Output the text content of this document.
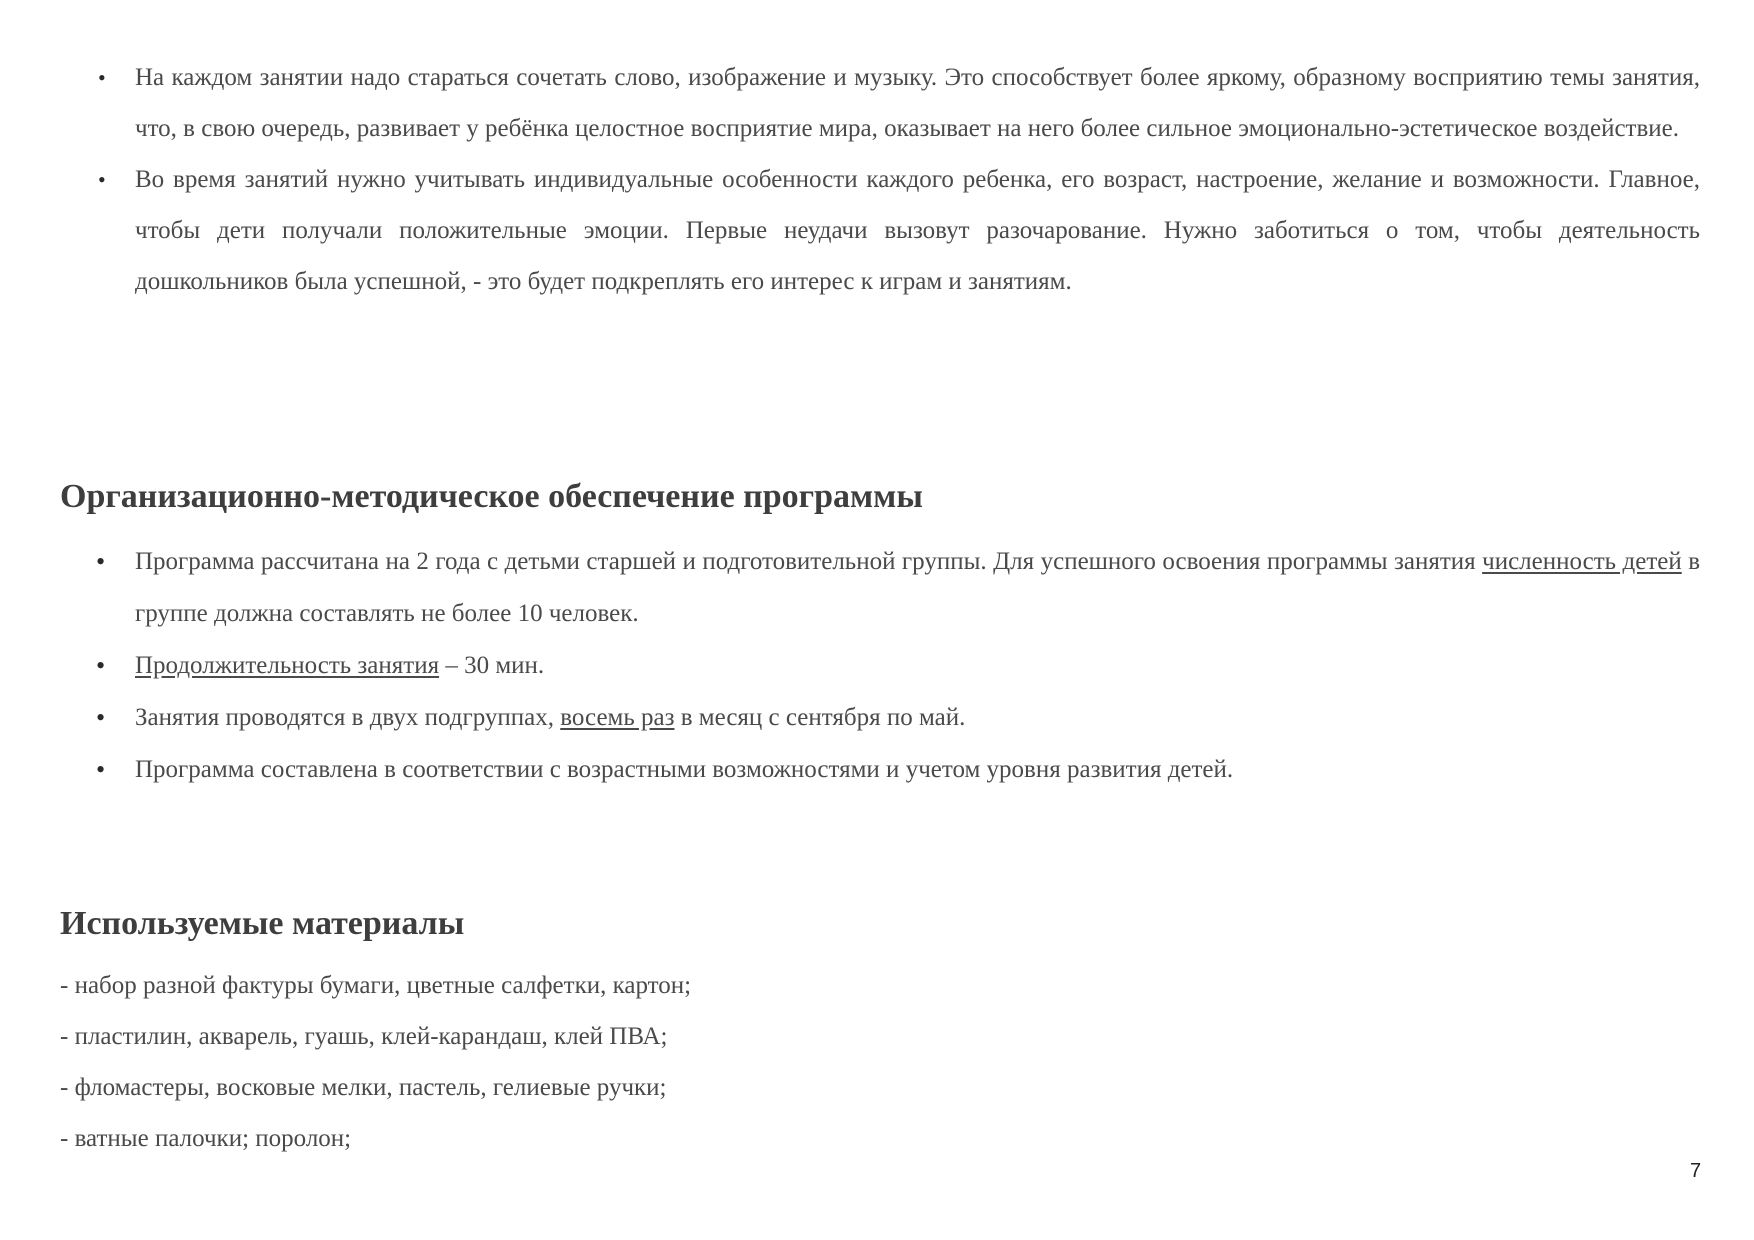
• На каждом занятии надо стараться сочетать слово, изображение и музыку. Это способствует более яркому, образному восприятию темы занятия, что, в свою очередь, развивает у ребёнка целостное восприятие мира, оказывает на него более сильное эмоционально-эстетическое воздействие.
• Во время занятий нужно учитывать индивидуальные особенности каждого ребенка, его возраст, настроение, желание и возможности. Главное, чтобы дети получали положительные эмоции. Первые неудачи вызовут разочарование. Нужно заботиться о том, чтобы деятельность дошкольников была успешной, - это будет подкреплять его интерес к играм и занятиям.
Организационно-методическое обеспечение программы
• Программа рассчитана на 2 года с детьми старшей и подготовительной группы. Для успешного освоения программы занятия численность детей в группе должна составлять не более 10 человек.
• Продолжительность занятия – 30 мин.
• Занятия проводятся в двух подгруппах, восемь раз в месяц с сентября по май.
• Программа составлена в соответствии с возрастными возможностями и учетом уровня развития детей.
Используемые материалы
- набор разной фактуры бумаги, цветные салфетки, картон;
- пластилин, акварель, гуашь, клей-карандаш, клей ПВА;
- фломастеры, восковые мелки, пастель, гелиевые ручки;
- ватные палочки; поролон;
7
